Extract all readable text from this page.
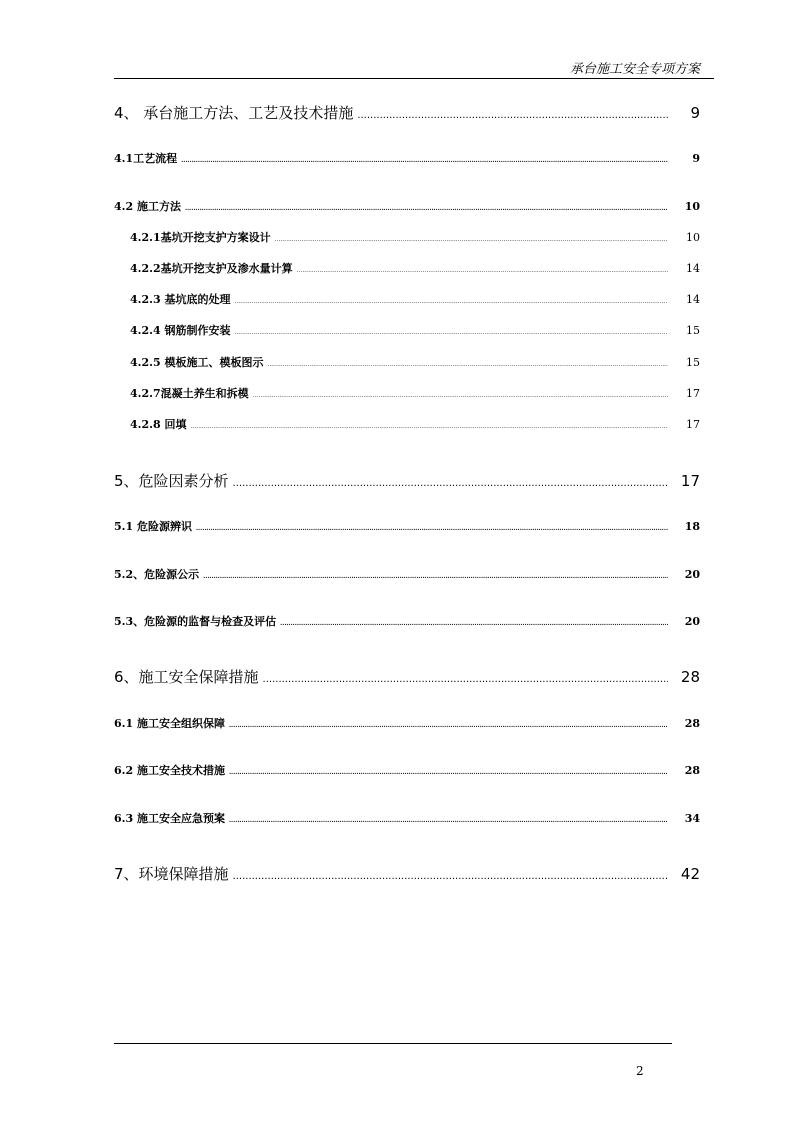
承台施工安全专项方案
4、 承台施工方法、工艺及技术措施 .....	9
4.1工艺流程 .....	9
4.2 施工方法 .....	10
4.2.1基坑开挖支护方案设计 .....	10
4.2.2基坑开挖支护及渗水量计算 .....	14
4.2.3 基坑底的处理 .....	14
4.2.4 钢筋制作安装 .....	15
4.2.5 模板施工、模板图示 .....	15
4.2.7混凝土养生和拆模 .....	17
4.2.8 回填 .....	17
5、危险因素分析 .....	17
5.1 危险源辨识 .....	18
5.2、危险源公示 .....	20
5.3、危险源的监督与检查及评估 .....	20
6、施工安全保障措施 .....	28
6.1 施工安全组织保障 .....	28
6.2 施工安全技术措施 .....	28
6.3 施工安全应急预案 .....	34
7、环境保障措施 .....	42
2
